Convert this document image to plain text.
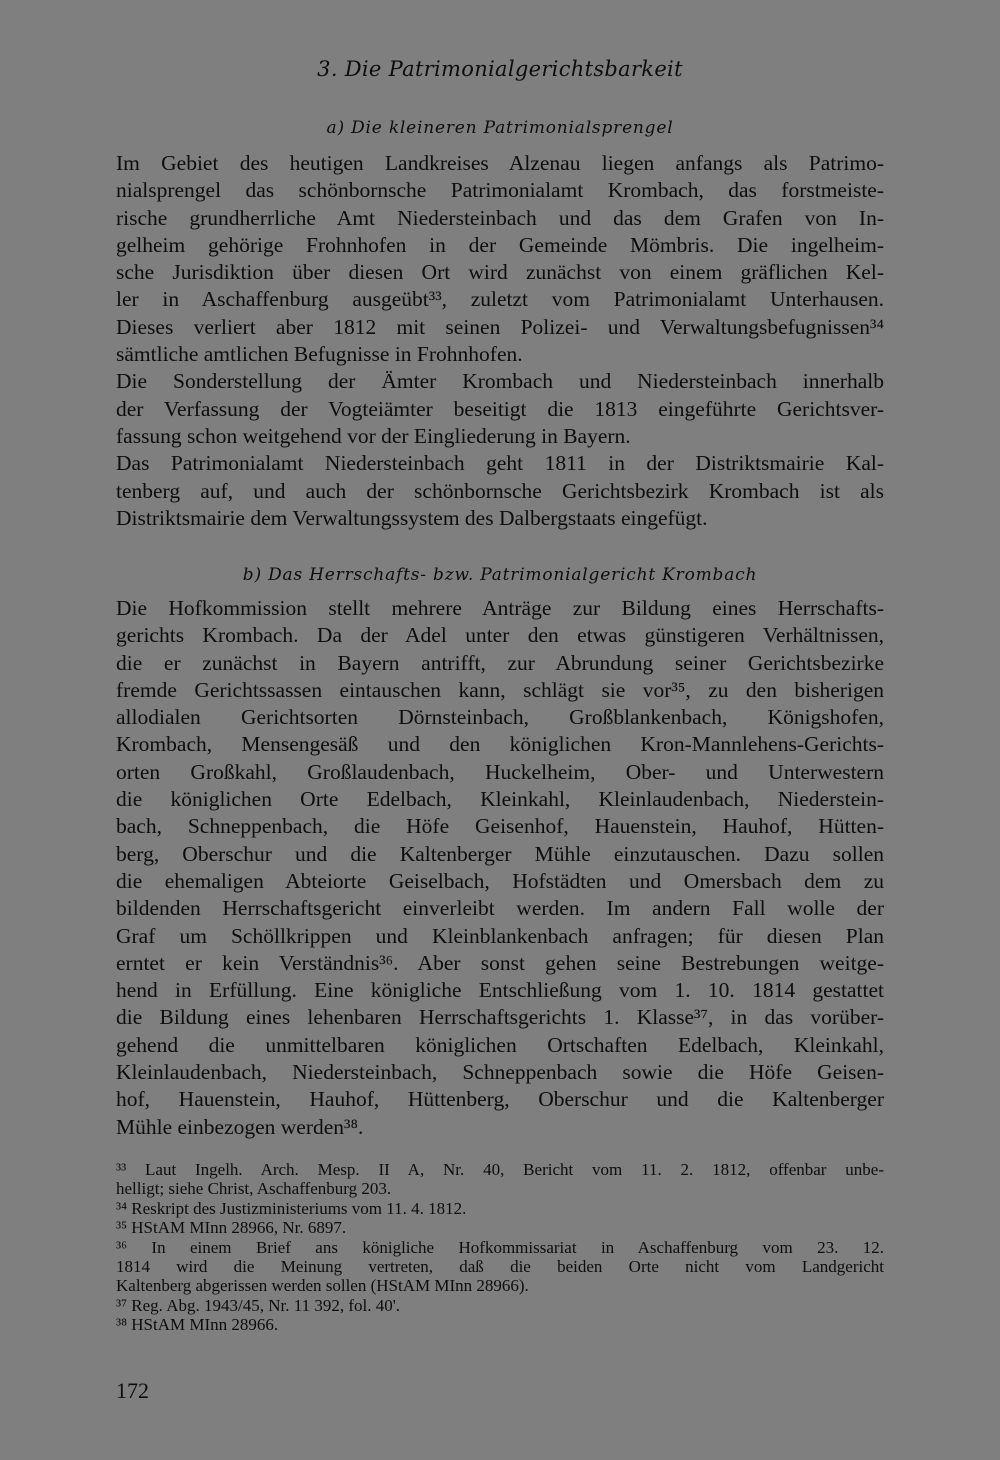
3. Die Patrimonialgerichtsbarkeit
a) Die kleineren Patrimonialsprengel
Im Gebiet des heutigen Landkreises Alzenau liegen anfangs als Patrimo-
nialsprengel das schönbornsche Patrimonialamt Krombach, das forstmeiste-
rische grundherrliche Amt Niedersteinbach und das dem Grafen von In-
gelheim gehörige Frohnhofen in der Gemeinde Mömbris. Die ingelheim-
sche Jurisdiktion über diesen Ort wird zunächst von einem gräflichen Kel-
ler in Aschaffenburg ausgeübt³³, zuletzt vom Patrimonialamt Unterhausen.
Dieses verliert aber 1812 mit seinen Polizei- und Verwaltungsbefugnissen³⁴
sämtliche amtlichen Befugnisse in Frohnhofen.
Die Sonderstellung der Ämter Krombach und Niedersteinbach innerhalb
der Verfassung der Vogteiämter beseitigt die 1813 eingeführte Gerichtsver-
fassung schon weitgehend vor der Eingliederung in Bayern.
Das Patrimonialamt Niedersteinbach geht 1811 in der Distriktsmairie Kal-
tenberg auf, und auch der schönbornsche Gerichtsbezirk Krombach ist als
Distriktsmairie dem Verwaltungssystem des Dalbergstaats eingefügt.
b) Das Herrschafts- bzw. Patrimonialgericht Krombach
Die Hofkommission stellt mehrere Anträge zur Bildung eines Herrschafts-
gerichts Krombach. Da der Adel unter den etwas günstigeren Verhältnissen,
die er zunächst in Bayern antrifft, zur Abrundung seiner Gerichtsbezirke
fremde Gerichtssassen eintauschen kann, schlägt sie vor³⁵, zu den bisherigen
allodialen Gerichtsorten Dörnsteinbach, Großblankenbach, Königshofen,
Krombach, Mensengesäß und den königlichen Kron-Mannlehens-Gerichts-
orten Großkahl, Großlaudenbach, Huckelheim, Ober- und Unterwestern
die königlichen Orte Edelbach, Kleinkahl, Kleinlaudenbach, Niederstein-
bach, Schneppenbach, die Höfe Geisenhof, Hauenstein, Hauhof, Hütten-
berg, Oberschur und die Kaltenberger Mühle einzutauschen. Dazu sollen
die ehemaligen Abteiorte Geiselbach, Hofstädten und Omersbach dem zu
bildenden Herrschaftsgericht einverleibt werden. Im andern Fall wolle der
Graf um Schöllkrippen und Kleinblankenbach anfragen; für diesen Plan
erntet er kein Verständnis³⁶. Aber sonst gehen seine Bestrebungen weitge-
hend in Erfüllung. Eine königliche Entschließung vom 1. 10. 1814 gestattet
die Bildung eines lehenbaren Herrschaftsgerichts 1. Klasse³⁷, in das vorüber-
gehend die unmittelbaren königlichen Ortschaften Edelbach, Kleinkahl,
Kleinlaudenbach, Niedersteinbach, Schneppenbach sowie die Höfe Geisen-
hof, Hauenstein, Hauhof, Hüttenberg, Oberschur und die Kaltenberger
Mühle einbezogen werden³⁸.
³³ Laut Ingelh. Arch. Mesp. II A, Nr. 40, Bericht vom 11. 2. 1812, offenbar unbe-
helligt; siehe Christ, Aschaffenburg 203.
³⁴ Reskript des Justizministeriums vom 11. 4. 1812.
³⁵ HStAM MInn 28966, Nr. 6897.
³⁶ In einem Brief ans königliche Hofkommissariat in Aschaffenburg vom 23. 12.
1814 wird die Meinung vertreten, daß die beiden Orte nicht vom Landgericht
Kaltenberg abgerissen werden sollen (HStAM MInn 28966).
³⁷ Reg. Abg. 1943/45, Nr. 11 392, fol. 40'.
³⁸ HStAM MInn 28966.
172
